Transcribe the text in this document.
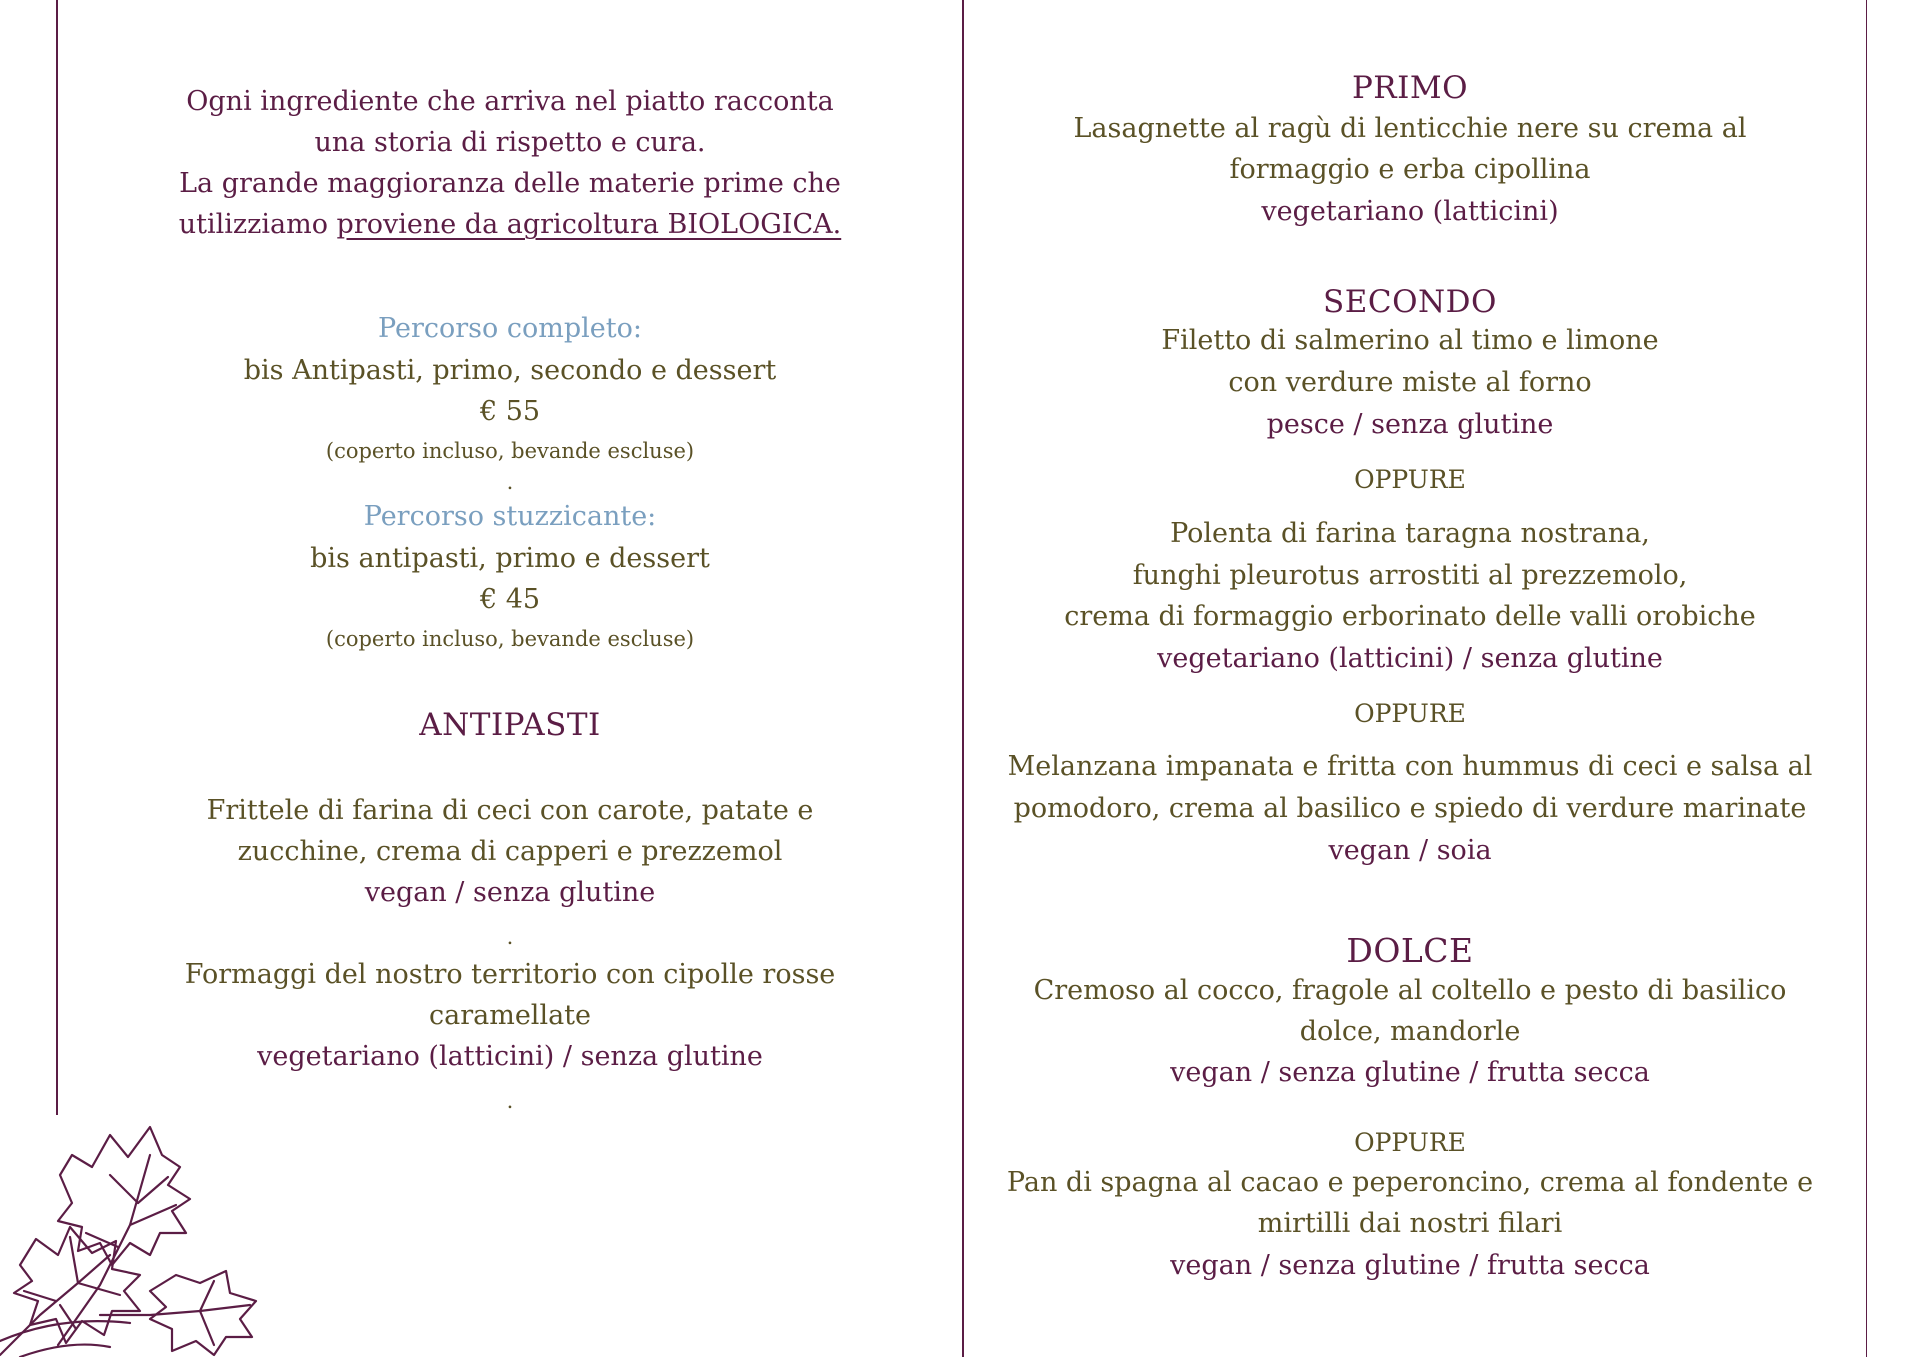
Ogni ingrediente che arriva nel piatto racconta
una storia di rispetto e cura.
La grande maggioranza delle materie prime che
utilizziamo proviene da agricoltura BIOLOGICA.
Percorso completo:
bis Antipasti, primo, secondo e dessert
€ 55
(coperto incluso, bevande escluse)
.
Percorso stuzzicante:
bis antipasti, primo e dessert
€ 45
(coperto incluso, bevande escluse)
ANTIPASTI
Frittele di farina di ceci con carote, patate e
zucchine, crema di capperi e prezzemol
vegan / senza glutine
.
Formaggi del nostro territorio con cipolle rosse
caramellate
vegetariano (latticini) / senza glutine
.
PRIMO
Lasagnette al ragù di lenticchie nere su crema al
formaggio e erba cipollina
vegetariano (latticini)
SECONDO
Filetto di salmerino al timo e limone
con verdure miste al forno
pesce / senza glutine
OPPURE
Polenta di farina taragna nostrana,
funghi pleurotus arrostiti al prezzemolo,
crema di formaggio erborinato delle valli orobiche
vegetariano (latticini) / senza glutine
OPPURE
Melanzana impanata e fritta con hummus di ceci e salsa al
pomodoro, crema al basilico e spiedo di verdure marinate
vegan / soia
DOLCE
Cremoso al cocco, fragole al coltello e pesto di basilico
dolce, mandorle
vegan / senza glutine / frutta secca
OPPURE
Pan di spagna al cacao e peperoncino, crema al fondente e
mirtilli dai nostri filari
vegan / senza glutine / frutta secca
